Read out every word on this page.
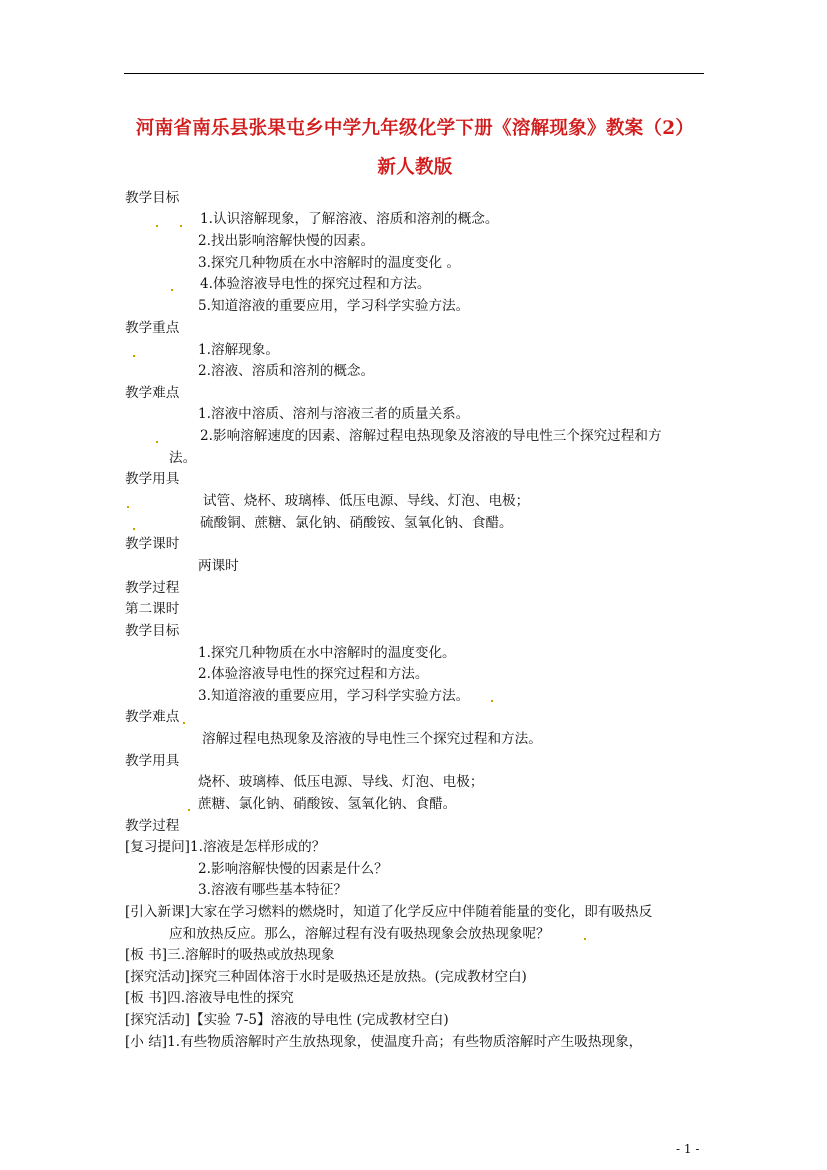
河南省南乐县张果屯乡中学九年级化学下册《溶解现象》教案（2）
新人教版
教学目标
1.认识溶解现象，了解溶液、溶质和溶剂的概念。
2.找出影响溶解快慢的因素。
3.探究几种物质在水中溶解时的温度变化 。
4.体验溶液导电性的探究过程和方法。
5.知道溶液的重要应用，学习科学实验方法。
教学重点
1.溶解现象。
2.溶液、溶质和溶剂的概念。
教学难点
1.溶液中溶质、溶剂与溶液三者的质量关系。
2.影响溶解速度的因素、溶解过程电热现象及溶液的导电性三个探究过程和方
法。
教学用具
试管、烧杯、玻璃棒、低压电源、导线、灯泡、电极；
硫酸铜、蔗糖、氯化钠、硝酸铵、氢氧化钠、食醋。
教学课时
两课时
教学过程
第二课时
教学目标
1.探究几种物质在水中溶解时的温度变化。
2.体验溶液导电性的探究过程和方法。
3.知道溶液的重要应用，学习科学实验方法。
教学难点
溶解过程电热现象及溶液的导电性三个探究过程和方法。
教学用具
烧杯、玻璃棒、低压电源、导线、灯泡、电极；
蔗糖、氯化钠、硝酸铵、氢氧化钠、食醋。
教学过程
[复习提问]1.溶液是怎样形成的？
2.影响溶解快慢的因素是什么？
3.溶液有哪些基本特征？
[引入新课]大家在学习燃料的燃烧时，知道了化学反应中伴随着能量的变化，即有吸热反
应和放热反应。那么，溶解过程有没有吸热现象会放热现象呢？
[板 书]三.溶解时的吸热或放热现象
[探究活动]探究三种固体溶于水时是吸热还是放热。(完成教材空白)
[板 书]四.溶液导电性的探究
[探究活动]【实验 7-5】溶液的导电性 (完成教材空白)
[小 结]1.有些物质溶解时产生放热现象，使温度升高；有些物质溶解时产生吸热现象，
- 1 -
